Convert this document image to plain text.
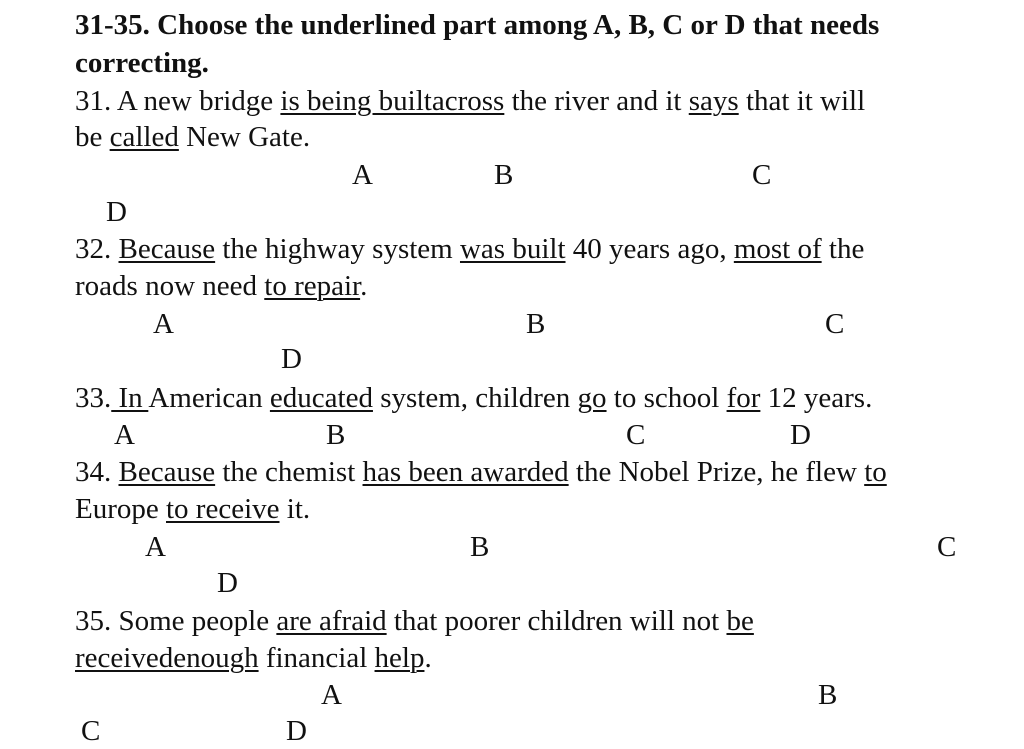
31-35. Choose the underlined part among A, B, C or D that needs
correcting.
31. A new bridge is being builtacross the river and it says that it will
be called New Gate.
A	B	C
D
32. Because the highway system was built 40 years ago, most of the
roads now need to repair.
A	B	C
D
33. In American educated system, children go to school for 12 years.
A	B	C	D
34. Because the chemist has been awarded the Nobel Prize, he flew to
Europe to receive it.
A	B	C
D
35. Some people are afraid that poorer children will not be
receivedenough financial help.
A	B
C	D
